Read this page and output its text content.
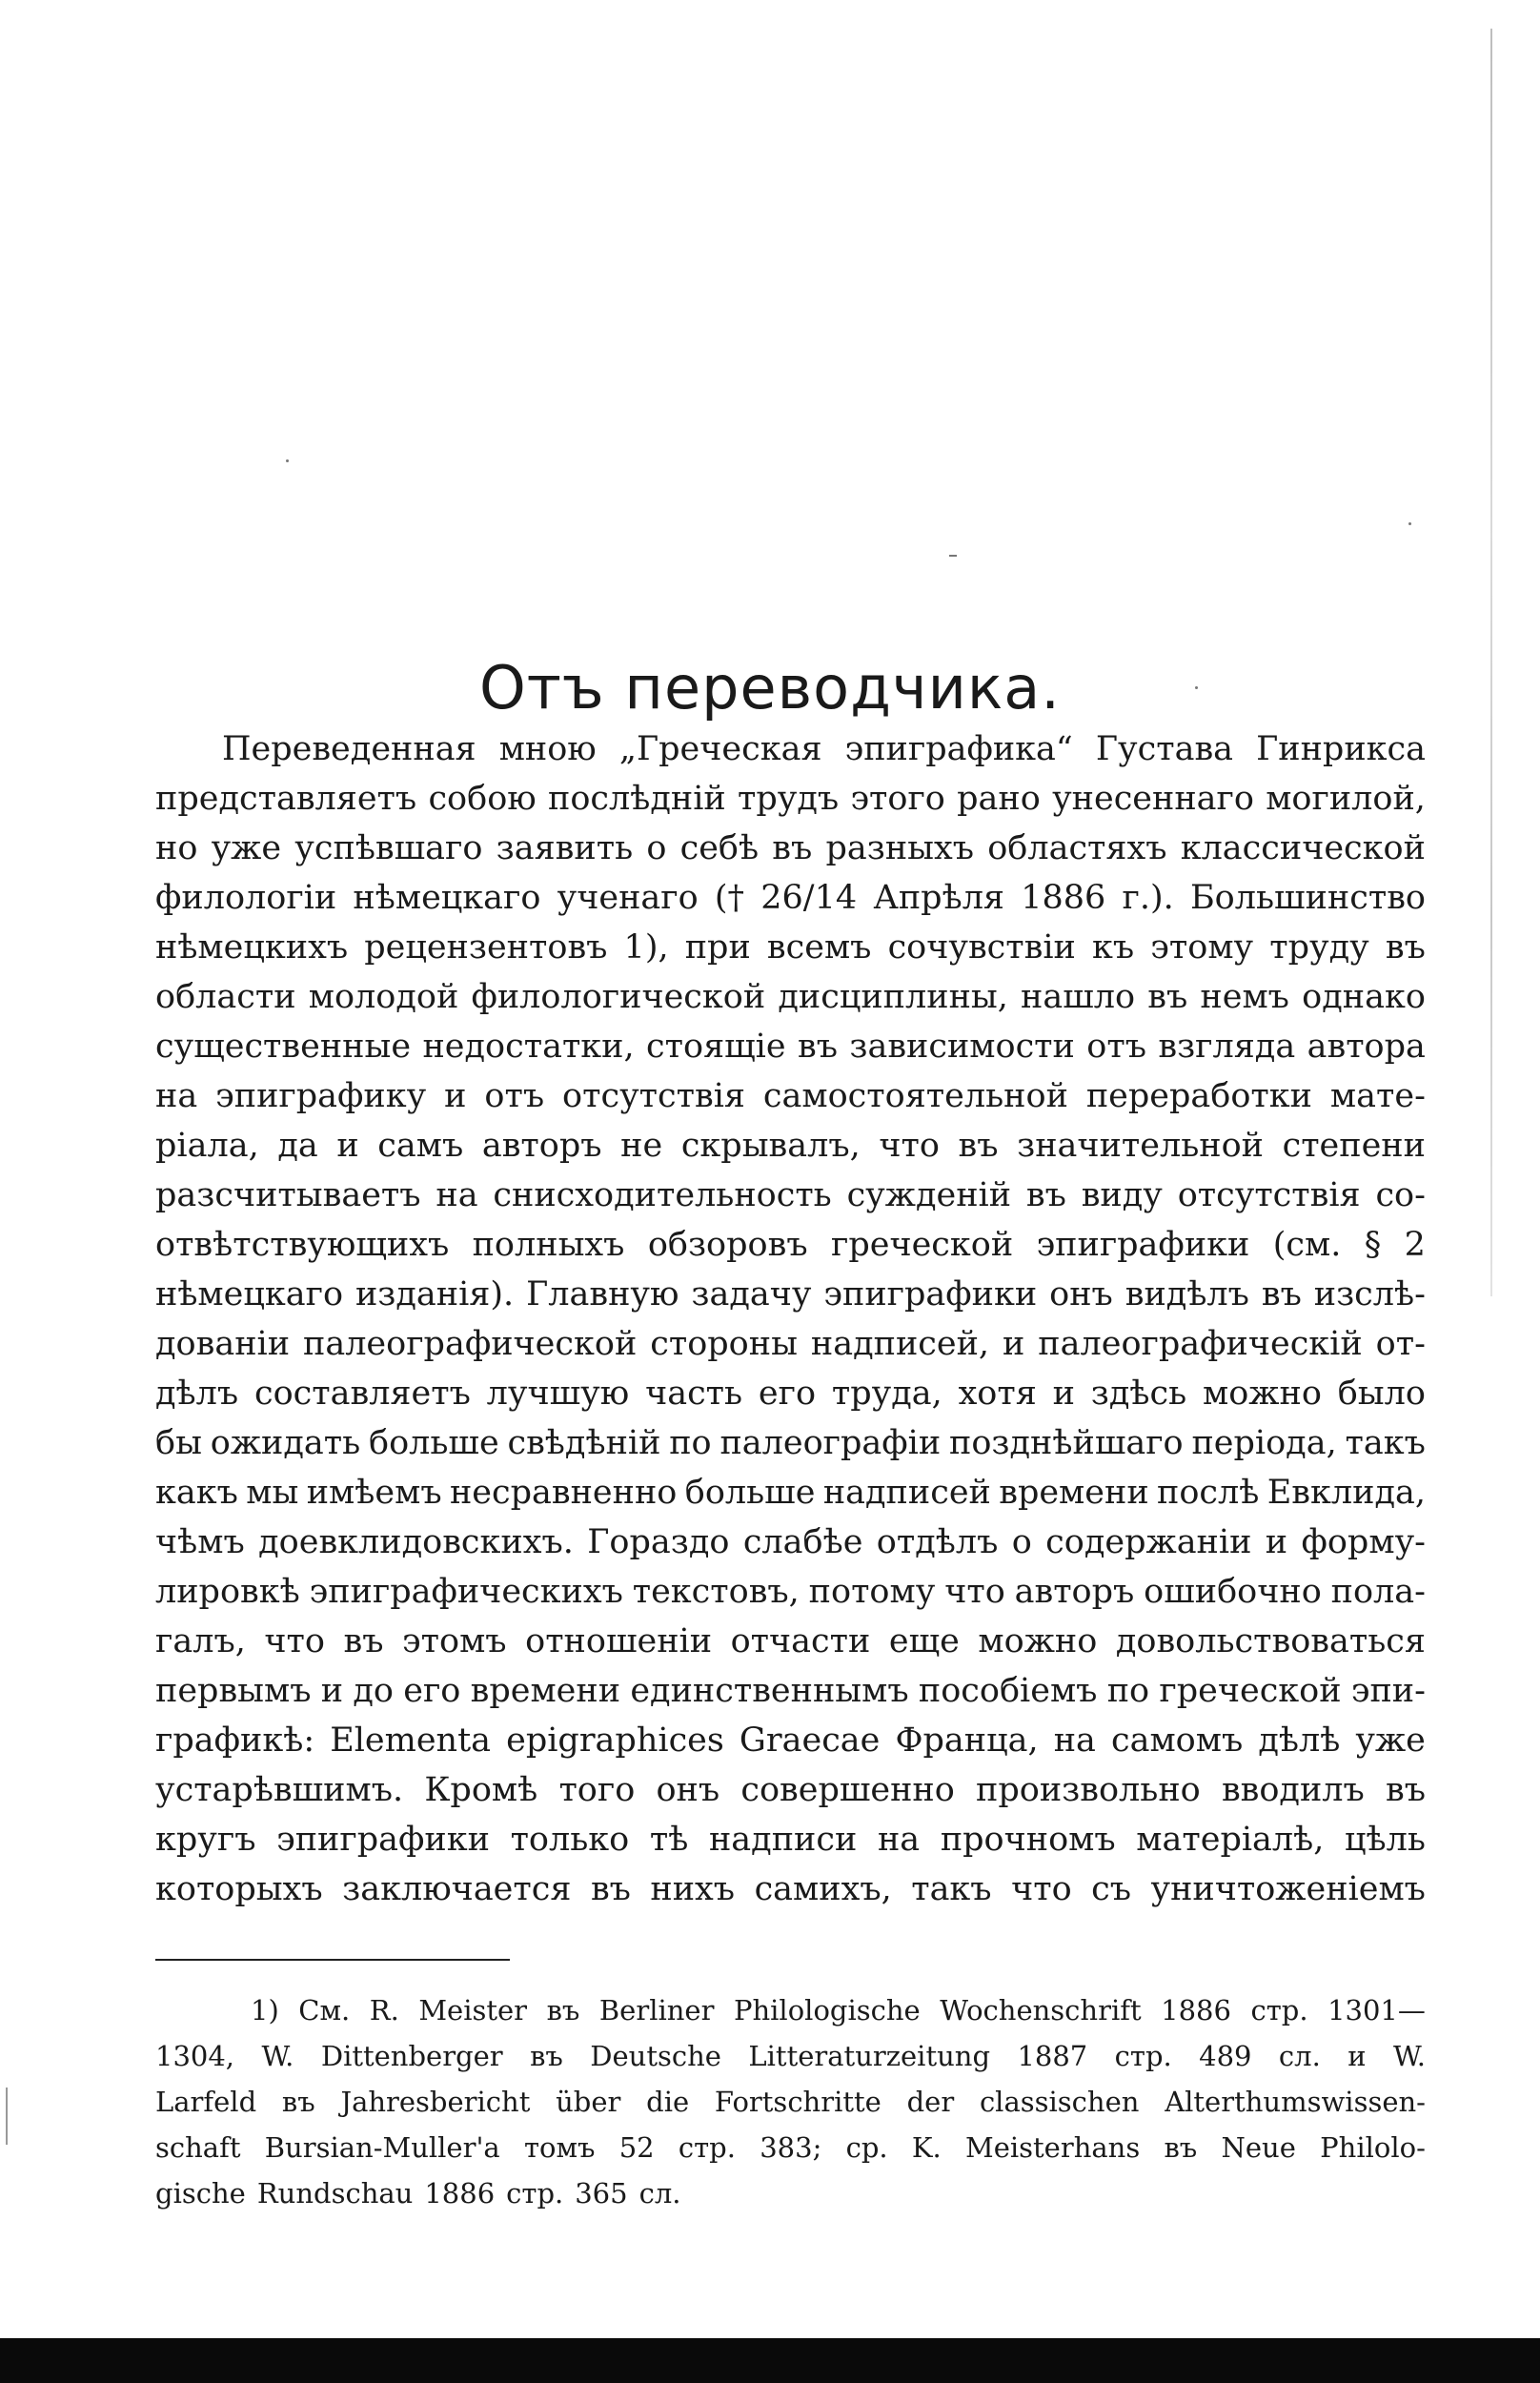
Отъ переводчика.
Переведенная мною „Греческая эпиграфика“ Густава Гинрикса
представляетъ собою послѣднiй трудъ этого рано унесеннаго могилой,
но уже успѣвшаго заявить о себѣ въ разныхъ областяхъ классической
филологiи нѣмецкаго ученаго († 26/14 Апрѣля 1886 г.). Большинство
нѣмецкихъ рецензентовъ 1), при всемъ сочувствiи къ этому труду въ
области молодой филологической дисциплины, нашло въ немъ однако
существенные недостатки, стоящiе въ зависимости отъ взгляда автора
на эпиграфику и отъ отсутствiя самостоятельной переработки мате-
рiала, да и самъ авторъ не скрывалъ, что въ значительной степени
разсчитываетъ на снисходительность сужденiй въ виду отсутствiя со-
отвѣтствующихъ полныхъ обзоровъ греческой эпиграфики (см. § 2
нѣмецкаго изданiя). Главную задачу эпиграфики онъ видѣлъ въ изслѣ-
дованiи палеографической стороны надписей, и палеографическiй от-
дѣлъ составляетъ лучшую часть его труда, хотя и здѣсь можно было
бы ожидать больше свѣдѣнiй по палеографiи позднѣйшаго перiода, такъ
какъ мы имѣемъ несравненно больше надписей времени послѣ Евклида,
чѣмъ доевклидовскихъ. Гораздо слабѣе отдѣлъ о содержанiи и форму-
лировкѣ эпиграфическихъ текстовъ, потому что авторъ ошибочно пола-
галъ, что въ этомъ отношенiи отчасти еще можно довольствоваться
первымъ и до его времени единственнымъ пособiемъ по греческой эпи-
графикѣ: Elementa epigraphices Graecae Франца, на самомъ дѣлѣ уже
устарѣвшимъ. Кромѣ того онъ совершенно произвольно вводилъ въ
кругъ эпиграфики только тѣ надписи на прочномъ матерiалѣ, цѣль
которыхъ заключается въ нихъ самихъ, такъ что съ уничтоженiемъ
1) См. R. Meister въ Berliner Philologische Wochenschrift 1886 стр. 1301—
1304, W. Dittenberger въ Deutsche Litteraturzeitung 1887 стр. 489 сл. и W.
Larfeld въ Jahresbericht über die Fortschritte der classischen Alterthumswissen-
schaft Bursian-Muller'a томъ 52 стр. 383; ср. K. Meisterhans въ Neue Philolo-
gische Rundschau 1886 стр. 365 сл.
